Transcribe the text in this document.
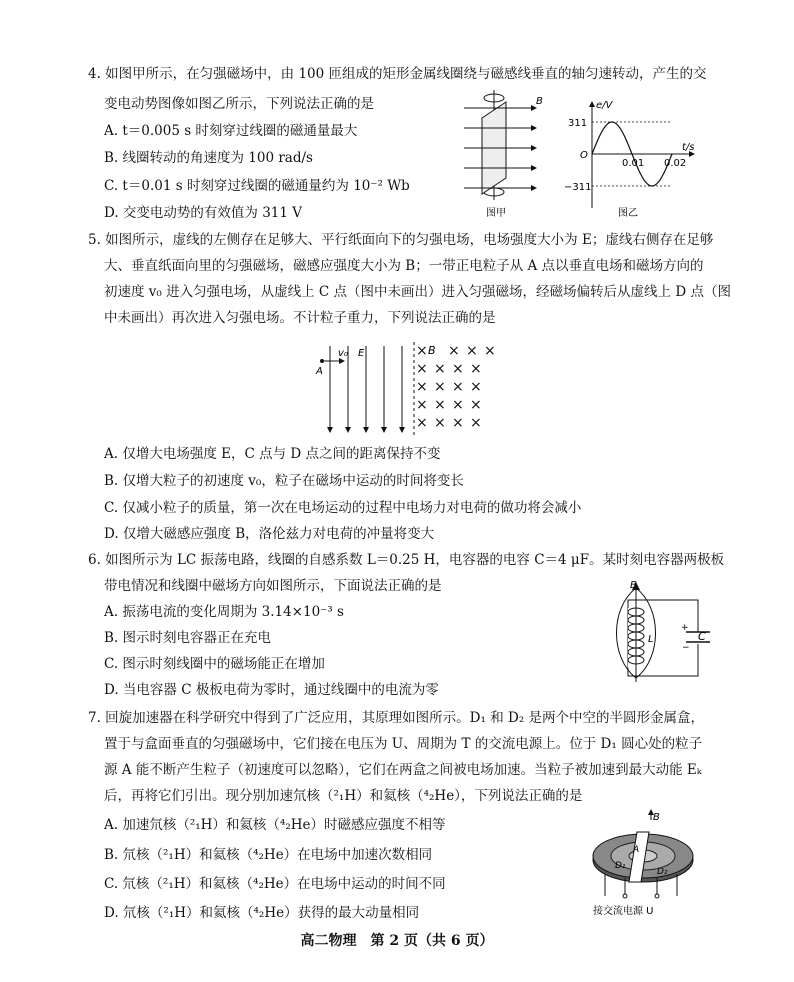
4. 如图甲所示，在匀强磁场中，由 100 匝组成的矩形金属线圈绕与磁感线垂直的轴匀速转动，产生的交
变电动势图像如图乙所示，下列说法正确的是
A. t＝0.005 s 时刻穿过线圈的磁通量最大
B. 线圈转动的角速度为 100 rad/s
C. t＝0.01 s 时刻穿过线圈的磁通量约为 10⁻² Wb
D. 交变电动势的有效值为 311 V
B
图甲
e/V
t/s
O
311
−311
0.01 0.02
图乙
5. 如图所示，虚线的左侧存在足够大、平行纸面向下的匀强电场，电场强度大小为 E；虚线右侧存在足够
大、垂直纸面向里的匀强磁场，磁感应强度大小为 B；一带正电粒子从 A 点以垂直电场和磁场方向的
初速度 v₀ 进入匀强电场，从虚线上 C 点（图中未画出）进入匀强磁场，经磁场偏转后从虚线上 D 点（图
中未画出）再次进入匀强电场。不计粒子重力，下列说法正确的是
v₀ E
A
B
× × × ×
× × × ×
× × × ×
× × × ×
× × × ×
A. 仅增大电场强度 E，C 点与 D 点之间的距离保持不变
B. 仅增大粒子的初速度 v₀，粒子在磁场中运动的时间将变长
C. 仅减小粒子的质量，第一次在电场运动的过程中电场力对电荷的做功将会减小
D. 仅增大磁感应强度 B，洛伦兹力对电荷的冲量将变大
6. 如图所示为 LC 振荡电路，线圈的自感系数 L＝0.25 H，电容器的电容 C＝4 μF。某时刻电容器两极板
带电情况和线圈中磁场方向如图所示，下面说法正确的是
A. 振荡电流的变化周期为 3.14×10⁻³ s
B. 图示时刻电容器正在充电
C. 图示时刻线圈中的磁场能正在增加
D. 当电容器 C 极板电荷为零时，通过线圈中的电流为零
+
−
B
L	C
7. 回旋加速器在科学研究中得到了广泛应用，其原理如图所示。D₁ 和 D₂ 是两个中空的半圆形金属盒，
置于与盒面垂直的匀强磁场中，它们接在电压为 U、周期为 T 的交流电源上。位于 D₁ 圆心处的粒子
源 A 能不断产生粒子（初速度可以忽略），它们在两盒之间被电场加速。当粒子被加速到最大动能 Eₖ
后，再将它们引出。现分别加速氘核（²₁H）和氦核（⁴₂He），下列说法正确的是
A. 加速氘核（²₁H）和氦核（⁴₂He）时磁感应强度不相等
B. 氘核（²₁H）和氦核（⁴₂He）在电场中加速次数相同
C. 氘核（²₁H）和氦核（⁴₂He）在电场中运动的时间不同
D. 氘核（²₁H）和氦核（⁴₂He）获得的最大动量相同
B
A
D₁
D₂
接交流电源 U
高二物理　第 2 页（共 6 页）
